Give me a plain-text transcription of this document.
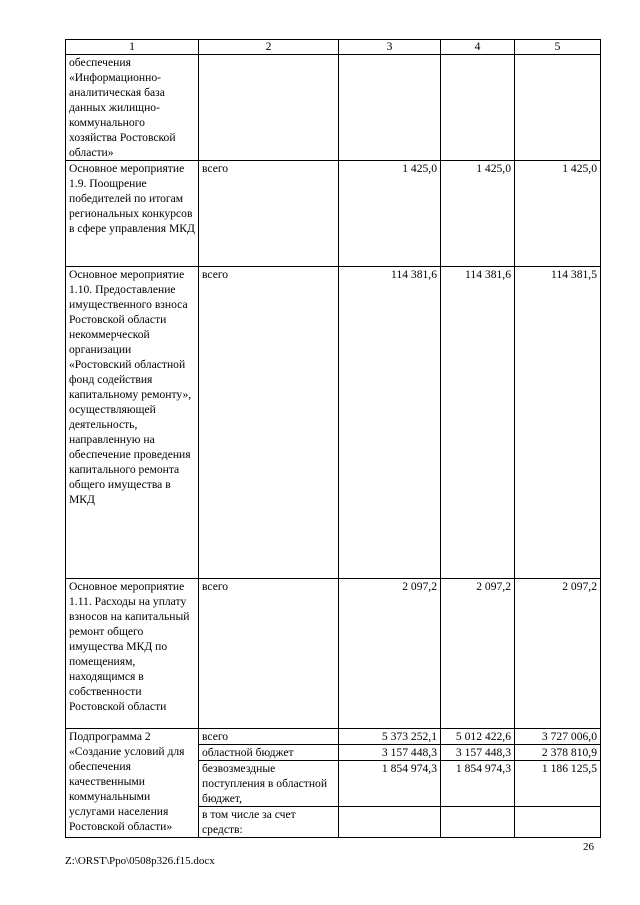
1	2	3	4	5
обеспечения «Информационно-аналитическая база данных жилищно-коммунального хозяйства Ростовской области»				
Основное мероприятие 1.9. Поощрение победителей по итогам региональных конкурсов в сфере управления МКД	всего	1 425,0	1 425,0	1 425,0
Основное мероприятие 1.10. Предоставление имущественного взноса Ростовской области некоммерческой организации «Ростовский областной фонд содействия капитальному ремонту», осуществляющей деятельность, направленную на обеспечение проведения капитального ремонта общего имущества в МКД	всего	114 381,6	114 381,6	114 381,5
Основное мероприятие 1.11. Расходы на уплату взносов на капитальный ремонт общего имущества МКД по помещениям, находящимся в собственности Ростовской области	всего	2 097,2	2 097,2	2 097,2
Подпрограмма 2 «Создание условий для обеспечения качественными коммунальными услугами населения Ростовской области»	всего	5 373 252,1	5 012 422,6	3 727 006,0
	областной бюджет	3 157 448,3	3 157 448,3	2 378 810,9
	безвозмездные поступления в областной бюджет,	1 854 974,3	1 854 974,3	1 186 125,5
	в том числе за счет средств:			
26
Z:\ORST\Ppo\0508p326.f15.docx
